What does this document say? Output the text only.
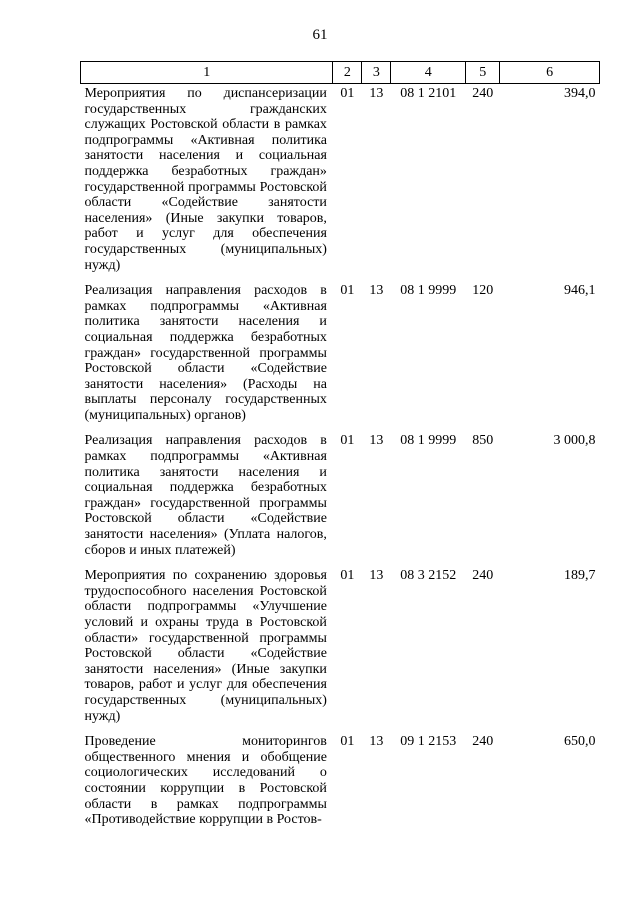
61
1	2	3	4	5	6
Мероприятия по диспансеризации государственных гражданских служащих Ростовской области в рамках подпрограммы «Активная политика занятости населения и социальная поддержка безработных граждан» государственной программы Ростовской области «Содействие занятости населения» (Иные закупки товаров, работ и услуг для обеспечения государственных (муниципальных) нужд)	01	13	08 1 2101	240	394,0
Реализация направления расходов в рамках подпрограммы «Активная политика занятости населения и социальная поддержка безработных граждан» государственной программы Ростовской области «Содействие занятости населения» (Расходы на выплаты персоналу государственных (муниципальных) органов)	01	13	08 1 9999	120	946,1
Реализация направления расходов в рамках подпрограммы «Активная политика занятости населения и социальная поддержка безработных граждан» государственной программы Ростовской области «Содействие занятости населения» (Уплата налогов, сборов и иных платежей)	01	13	08 1 9999	850	3 000,8
Мероприятия по сохранению здоровья трудоспособного населения Ростовской области подпрограммы «Улучшение условий и охраны труда в Ростовской области» государственной программы Ростовской области «Содействие занятости населения» (Иные закупки товаров, работ и услуг для обеспечения государственных (муниципальных) нужд)	01	13	08 3 2152	240	189,7
Проведение мониторингов общественного мнения и обобщение социологических исследований о состоянии коррупции в Ростовской области в рамках подпрограммы «Противодействие коррупции в Ростов-	01	13	09 1 2153	240	650,0
